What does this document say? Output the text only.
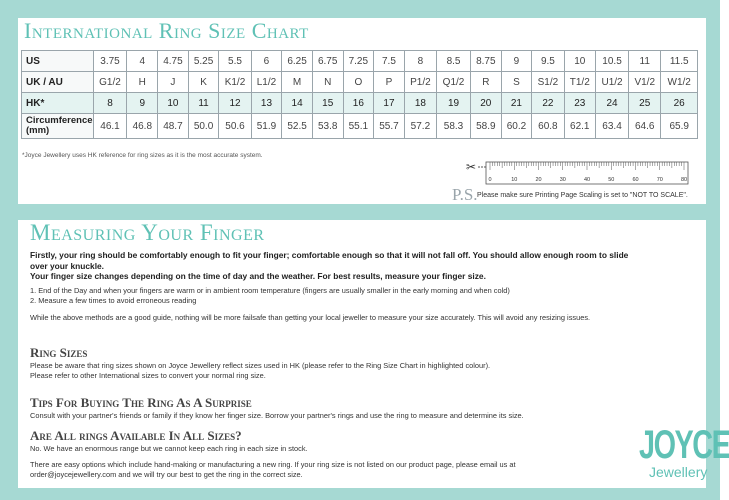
International Ring Size Chart
US	3.75	4	4.75	5.25	5.5	6	6.25	6.75	7.25	7.5	8	8.5	8.75	9	9.5	10	10.5	11	11.5
UK / AU	G1/2	H	J	K	K1/2	L1/2	M	N	O	P	P1/2	Q1/2	R	S	S1/2	T1/2	U1/2	V1/2	W1/2
HK*	8	9	10	11	12	13	14	15	16	17	18	19	20	21	22	23	24	25	26
Circumference (mm)	46.1	46.8	48.7	50.0	50.6	51.9	52.5	53.8	55.1	55.7	57.2	58.3	58.9	60.2	60.8	62.1	63.4	64.6	65.9
*Joyce Jewellery uses HK reference for ring sizes as it is the most accurate system.
✂
0	10	20	30	40	50	60	70	80
P.S. Please make sure Printing Page Scaling is set to "NOT TO SCALE".
Measuring Your Finger
Firstly, your ring should be comfortably enough to fit your finger; comfortable enough so that it will not fall off. You should allow enough room to slide over your knuckle.
Your finger size changes depending on the time of day and the weather. For best results, measure your finger size.
1. End of the Day and when your fingers are warm or in ambient room temperature (fingers are usually smaller in the early morning and when cold)
2. Measure a few times to avoid erroneous reading
While the above methods are a good guide, nothing will be more failsafe than getting your local jeweller to measure your size accurately. This will avoid any resizing issues.
Ring Sizes
Please be aware that ring sizes shown on Joyce Jewellery reflect sizes used in HK (please refer to the Ring Size Chart in highlighted colour).
Please refer to other International sizes to convert your normal ring size.
Tips For Buying The Ring As A Surprise
Consult with your partner's friends or family if they know her finger size. Borrow your partner's rings and use the ring to measure and determine its size.
Are All rings Available In All Sizes?
No. We have an enormous range but we cannot keep each ring in each size in stock.
There are easy options which include hand-making or manufacturing a new ring. If your ring size is not listed on our product page, please email us at order@joycejewellery.com and we will try our best to get the ring in the correct size.
JOYCE
Jewellery
